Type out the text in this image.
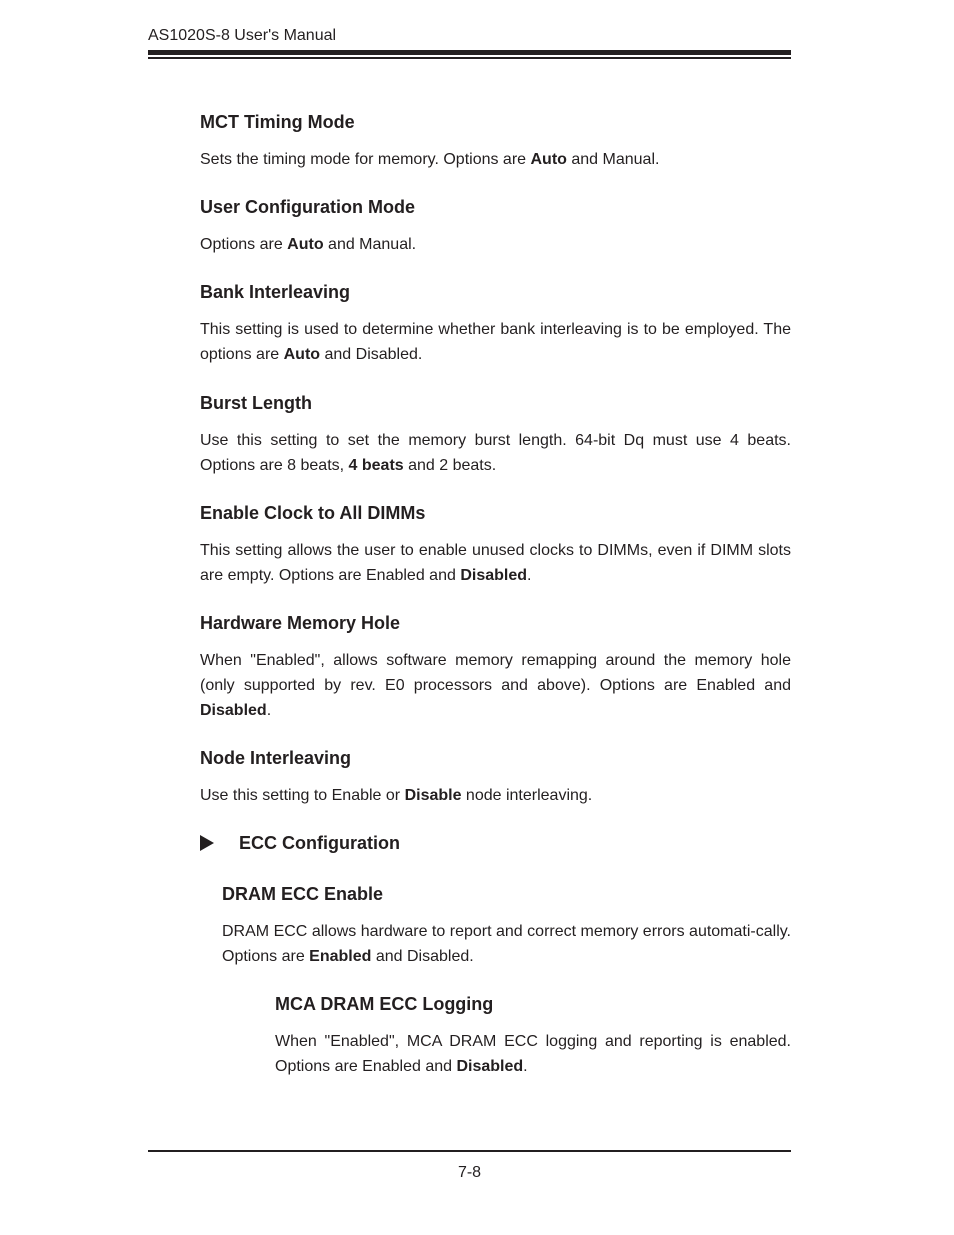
AS1020S-8 User's Manual
MCT Timing Mode

Sets the timing mode for memory. Options are Auto and Manual.

User Configuration Mode

Options are Auto and Manual.

Bank Interleaving

This setting is used to determine whether bank interleaving is to be employed. The options are Auto and Disabled.

Burst Length

Use this setting to set the memory burst length. 64-bit Dq must use 4 beats. Options are 8 beats, 4 beats and 2 beats.

Enable Clock to All DIMMs

This setting allows the user to enable unused clocks to DIMMs, even if DIMM slots are empty. Options are Enabled and Disabled.

Hardware Memory Hole

When "Enabled", allows software memory remapping around the memory hole (only supported by rev. E0 processors and above). Options are Enabled and Disabled.

Node Interleaving

Use this setting to Enable or Disable node interleaving.

ECC Configuration
DRAM ECC Enable

DRAM ECC allows hardware to report and correct memory errors automati-cally. Options are Enabled and Disabled.

MCA DRAM ECC Logging

When "Enabled", MCA DRAM ECC logging and reporting is enabled. Options are Enabled and Disabled.

7-8
